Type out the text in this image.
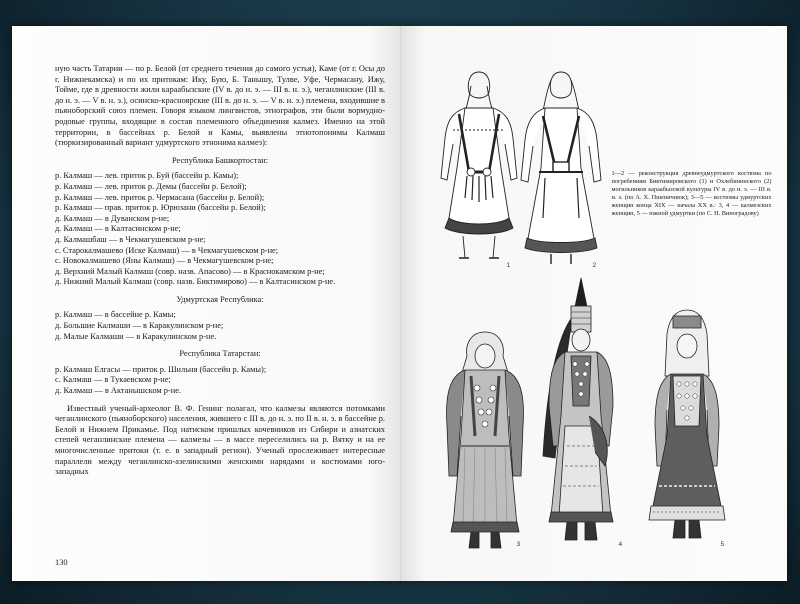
ную часть Татарии — по р. Белой (от среднего течения до самого устья), Каме (от г. Осы до г. Нижнекамска) и по их притокам: Ику, Бую, Б. Танышу, Тулве, Уфе, Чермасану, Ижу, Тойме, где в древности жили караабызские (IV в. до н. э. — III в. н. э.), чеганлинские (III в. до н. э. — V в. н. э.), осинско-красноярские (III в. до н. э. — V в. н. э.) племена, входившие в пьяноборский союз племен. Говоря языком лингвистов, этнографов, эти были вормудно-родовые группы, входящие в состав племенного объединения калмез. Именно на этой территории, в бассейнах р. Белой и Камы, выявлены этнотопонимы Калмаш (тюркизированный вариант удмуртского этнонима калмез):

Республика Башкортостан:

р. Калмаш — лев. приток р. Буй (бассейн р. Камы);

р. Калмаш — лев. приток р. Демы (бассейн р. Белой);

р. Калмаш — лев. приток р. Чермасана (бассейн р. Белой);

р. Калмаш — прав. приток р. Юрюзани (бассейн р. Белой);

д. Калмаш — в Дуванском р-не;

д. Калмаш — в Калтасинском р-не;

д. Калмашбаш — в Чекмагушевском р-не;

с. Старокалмашево (Иске Калмаш) — в Чекмагушевском р-не;

с. Новокалмашево (Яны Калмаш) — в Чекмагушевском р-не;

д. Верхний Малый Калмаш (совр. назв. Апасово) — в Краснокамском р-не;

д. Нижний Малый Калмаш (совр. назв. Биктимирово) — в Калтасинском р-не.

Удмуртская Республика:

р. Калмаш — в бассейне р. Камы;

д. Большие Калмаши — в Каракулинском р-не;

д. Малые Калмаши — в Каракулинском р-не.

Республика Татарстан:

р. Калмаш Елгасы — приток р. Шильня (бассейн р. Камы);

с. Калмаш — в Тукаевском р-не;

д. Калмаш — в Актанышском р-не.

Известный ученый-археолог В. Ф. Генинг полагал, что калмезы являются потомками чеганлинского (пьяноборского) населения, жившего с III в. до н. э. по II в. н. э. в бассейне р. Белой и Нижнем Прикамье. Под натиском пришлых кочевников из Сибири и азиатских степей чеганлинские племена — калмезы — в массе переселились на р. Вятку и на ее многочисленные притоки (т. е. в западный регион). Ученый прослеживает интересные параллели между чеганлинско-азелинскими женскими нарядами и костюмами юго-западных

130
1	2
1—2 — реконструкция древнеудмуртского костюма по погребениям Биктимировского (1) и Охлебининского (2) могильников караабызской культуры IV в. до н. э. — III в. н. э. (по А. Х. Пшеничнюк); 3—5 — костюмы удмуртских женщин конца XIX — начала XX в.: 3, 4 — калмезских женщин, 5 — южной удмуртки (по С. Н. Виноградову)
3	4	5
